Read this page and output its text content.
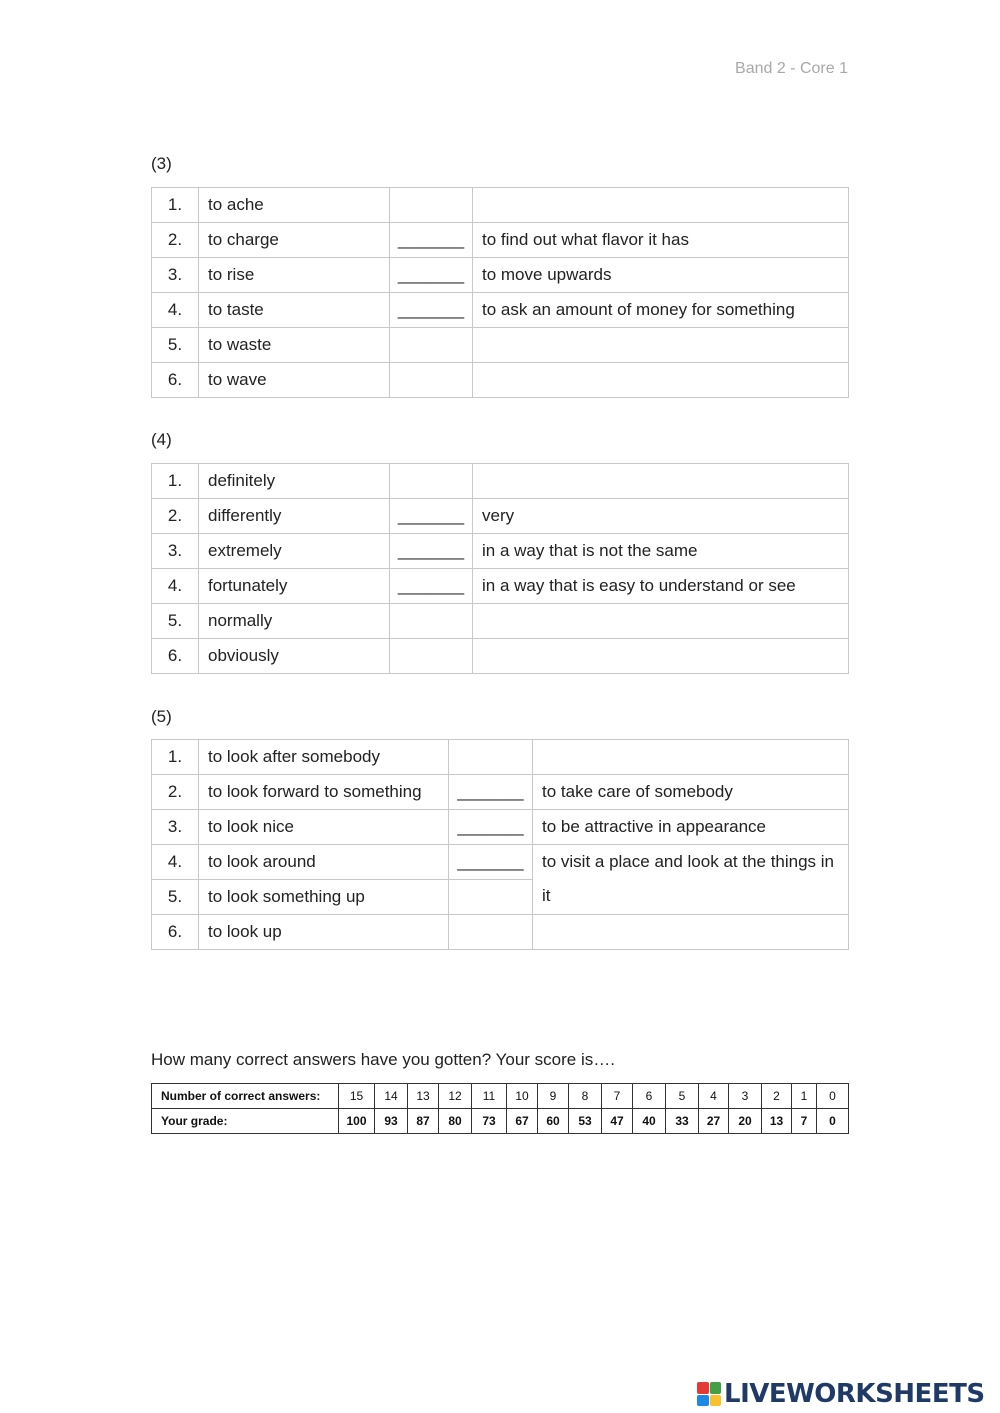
Band 2 - Core 1
(3)
1.	to ache		
2.	to charge	_______	to find out what flavor it has
3.	to rise	_______	to move upwards
4.	to taste	_______	to ask an amount of money for something
5.	to waste		
6.	to wave		
(4)
1.	definitely		
2.	differently	_______	very
3.	extremely	_______	in a way that is not the same
4.	fortunately	_______	in a way that is easy to understand or see
5.	normally		
6.	obviously		
(5)
1.	to look after somebody		
2.	to look forward to something	_______	to take care of somebody
3.	to look nice	_______	to be attractive in appearance
4.	to look around	_______	to visit a place and look at the things in it
5.	to look something up		
6.	to look up		
How many correct answers have you gotten? Your score is….
Number of correct answers:	15	14	13	12	11	10	9	8	7	6	5	4	3	2	1	0
Your grade:	100	93	87	80	73	67	60	53	47	40	33	27	20	13	7	0
LIVEWORKSHEETS
